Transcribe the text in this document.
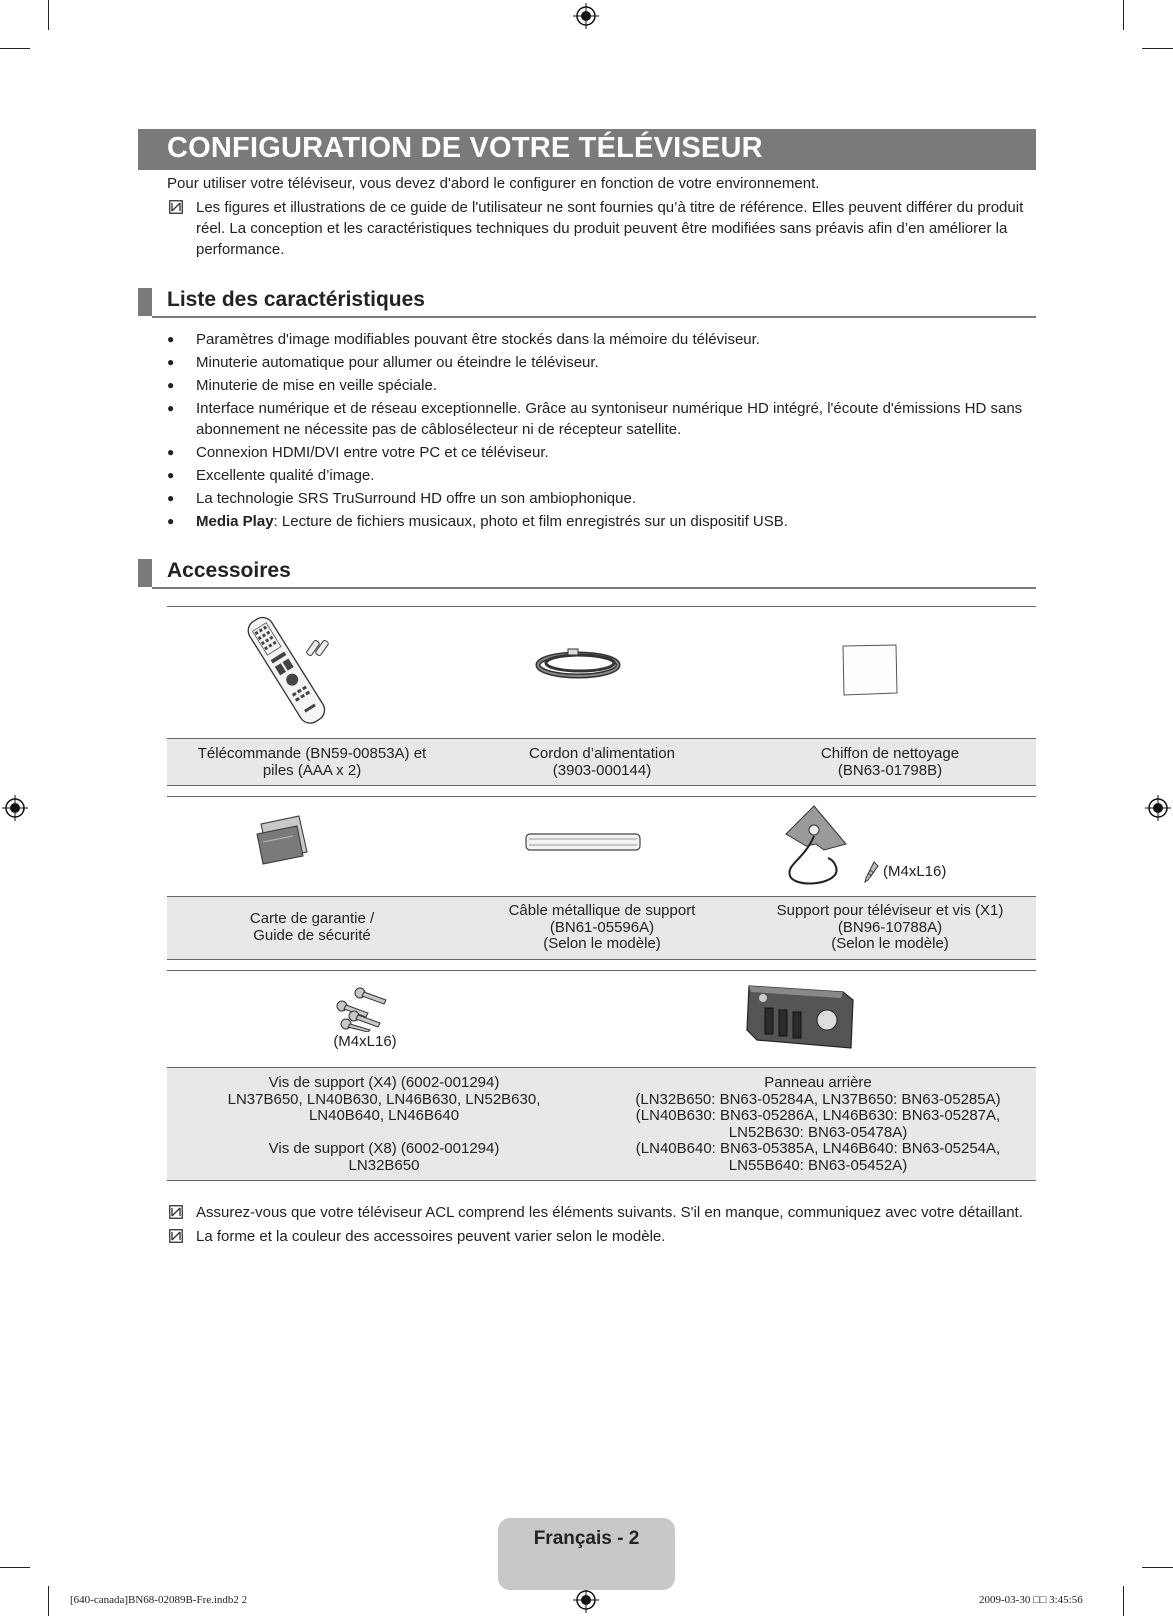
CONFIGURATION DE VOTRE TÉLÉVISEUR
Pour utiliser votre téléviseur, vous devez d'abord le configurer en fonction de votre environnement.
Les figures et illustrations de ce guide de l'utilisateur ne sont fournies qu’à titre de référence. Elles peuvent différer du produit réel. La conception et les caractéristiques techniques du produit peuvent être modifiées sans préavis afin d’en améliorer la performance.
Liste des caractéristiques
● Paramètres d'image modifiables pouvant être stockés dans la mémoire du téléviseur.
● Minuterie automatique pour allumer ou éteindre le téléviseur.
● Minuterie de mise en veille spéciale.
● Interface numérique et de réseau exceptionnelle. Grâce au syntoniseur numérique HD intégré, l'écoute d'émissions HD sans abonnement ne nécessite pas de câblosélecteur ni de récepteur satellite.
● Connexion HDMI/DVI entre votre PC et ce téléviseur.
● Excellente qualité d’image.
● La technologie SRS TruSurround HD offre un son ambiophonique.
● Media Play: Lecture de fichiers musicaux, photo et film enregistrés sur un dispositif USB.
Accessoires
Télécommande (BN59-00853A) et
piles (AAA x 2)
Cordon d’alimentation
(3903-000144)
Chiffon de nettoyage
(BN63-01798B)
(M4xL16)
Carte de garantie /
Guide de sécurité
Câble métallique de support
(BN61-05596A)
(Selon le modèle)
Support pour téléviseur et vis (X1)
(BN96-10788A)
(Selon le modèle)
(M4xL16)
Vis de support (X4) (6002-001294)
LN37B650, LN40B630, LN46B630, LN52B630,
LN40B640, LN46B640
Vis de support (X8) (6002-001294)
LN32B650
Panneau arrière
(LN32B650: BN63-05284A, LN37B650: BN63-05285A)
(LN40B630: BN63-05286A, LN46B630: BN63-05287A,
LN52B630: BN63-05478A)
(LN40B640: BN63-05385A, LN46B640: BN63-05254A,
LN55B640: BN63-05452A)
Assurez-vous que votre téléviseur ACL comprend les éléments suivants. S'il en manque, communiquez avec votre détaillant.
La forme et la couleur des accessoires peuvent varier selon le modèle.
Français - 2
[640-canada]BN68-02089B-Fre.indb2 2	2009-03-30 □□ 3:45:56
